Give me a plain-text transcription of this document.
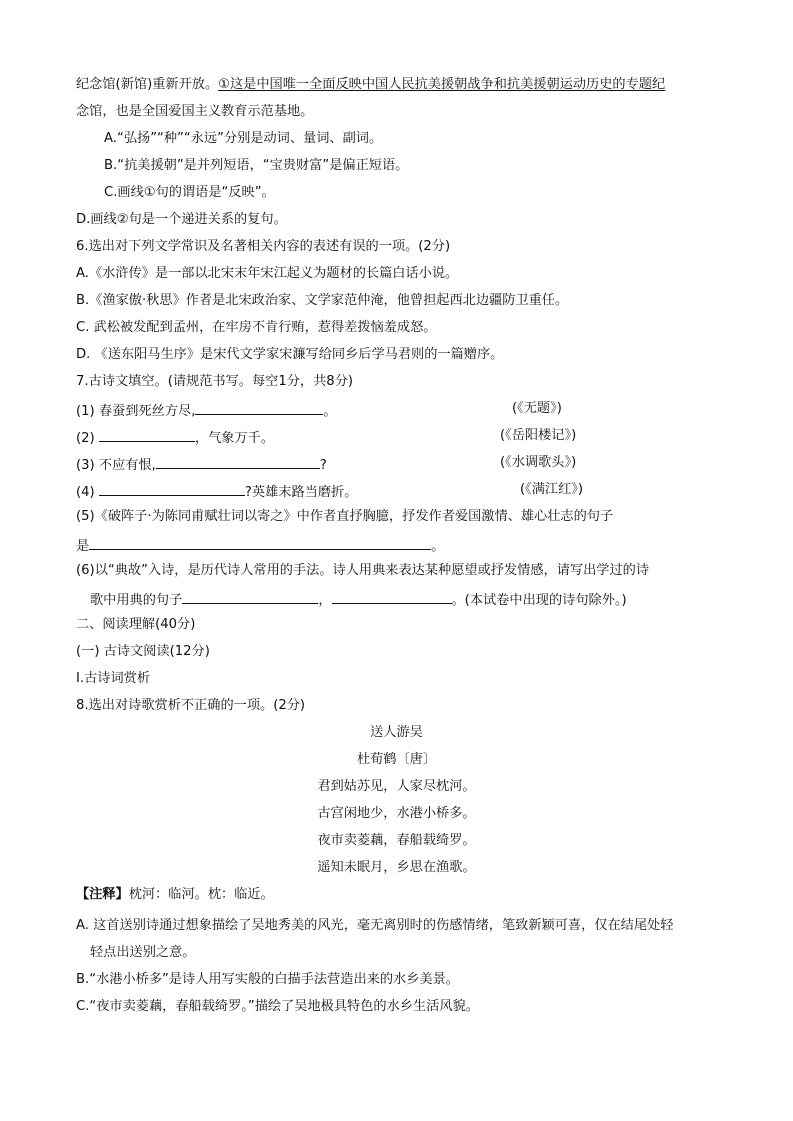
纪念馆(新馆)重新开放。①这是中国唯一全面反映中国人民抗美援朝战争和抗美援朝运动历史的专题纪
念馆，也是全国爱国主义教育示范基地。
A.“弘扬”“种”“永远”分别是动词、量词、副词。
B.“抗美援朝”是并列短语，“宝贵财富”是偏正短语。
C.画线①句的谓语是“反映”。
D.画线②句是一个递进关系的复句。
6.选出对下列文学常识及名著相关内容的表述有误的一项。(2分)
A.《水浒传》是一部以北宋末年宋江起义为题材的长篇白话小说。
B.《渔家傲·秋思》作者是北宋政治家、文学家范仲淹，他曾担起西北边疆防卫重任。
C. 武松被发配到孟州，在牢房不肯行贿，惹得差拨恼羞成怒。
D. 《送东阳马生序》是宋代文学家宋濂写给同乡后学马君则的一篇赠序。
7.古诗文填空。(请规范书写。每空1分，共8分)
(1) 春蚕到死丝方尽,	。	(《无题》)
(2)	，气象万千。	(《岳阳楼记》)
(3) 不应有恨,	?	(《水调歌头》)
(4)	?英雄末路当磨折。	(《满江红》)
(5)《破阵子·为陈同甫赋壮词以寄之》中作者直抒胸臆，抒发作者爱国激情、雄心壮志的句子
是	。
(6)以“典故”入诗，是历代诗人常用的手法。诗人用典来表达某种愿望或抒发情感，请写出学过的诗
歌中用典的句子	，	。(本试卷中出现的诗句除外。)
二、阅读理解(40分)
(一) 古诗文阅读(12分)
Ⅰ.古诗词赏析
8.选出对诗歌赏析不正确的一项。(2分)
送人游吴
杜荀鹤〔唐〕
君到姑苏见，人家尽枕河。
古宫闲地少，水港小桥多。
夜市卖菱藕，春船载绮罗。
遥知未眠月，乡思在渔歌。
【注释】枕河：临河。枕：临近。
A. 这首送别诗通过想象描绘了吴地秀美的风光，毫无离别时的伤感情绪，笔致新颖可喜，仅在结尾处轻
轻点出送别之意。
B.“水港小桥多”是诗人用写实般的白描手法营造出来的水乡美景。
C.“夜市卖菱藕，春船载绮罗。”描绘了吴地极具特色的水乡生活风貌。
